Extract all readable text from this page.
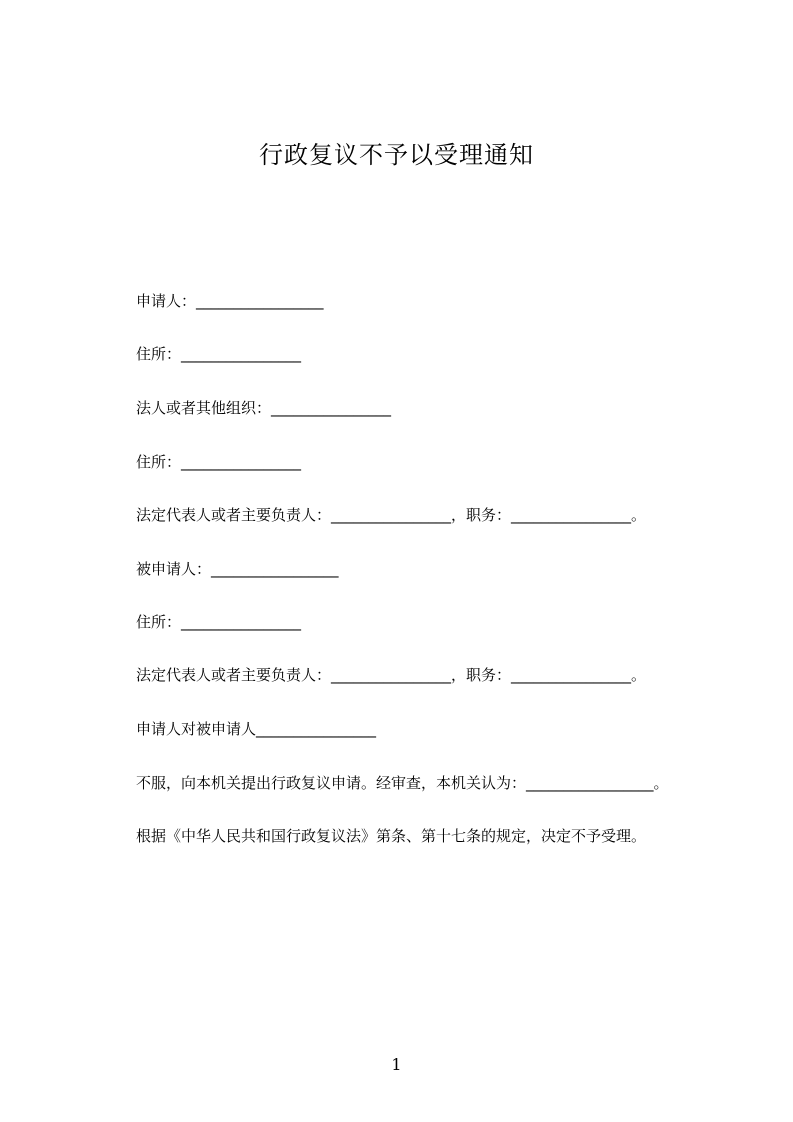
行政复议不予以受理通知
申请人：_________________
住所：________________
法人或者其他组织：________________
住所：________________
法定代表人或者主要负责人：________________，职务：________________。
被申请人：_________________
住所：________________
法定代表人或者主要负责人：________________，职务：________________。
申请人对被申请人________________
不服，向本机关提出行政复议申请。经审查，本机关认为：_________________。
根据《中华人民共和国行政复议法》第条、第十七条的规定，决定不予受理。
1
